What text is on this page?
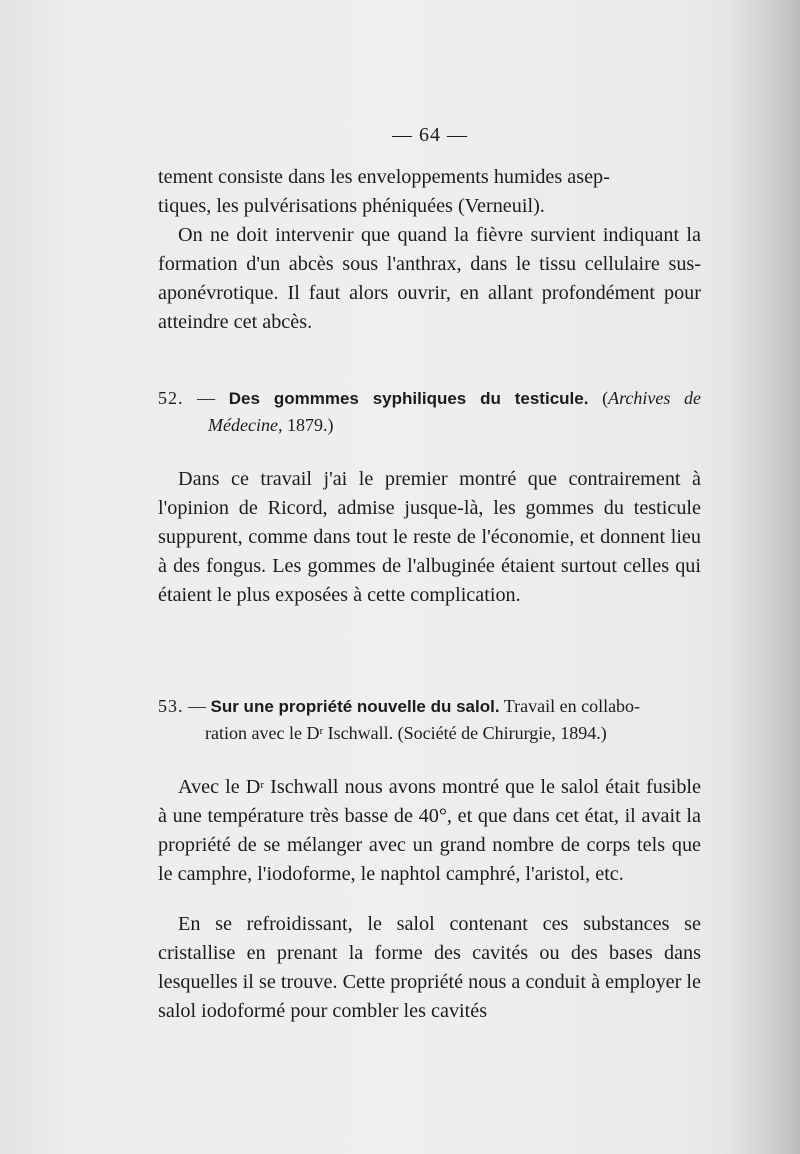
— 64 —
tement consiste dans les enveloppements humides asep-
tiques, les pulvérisations phéniquées (Verneuil).

On ne doit intervenir que quand la fièvre survient indiquant la formation d'un abcès sous l'anthrax, dans le tissu cellulaire sus-aponévrotique. Il faut alors ouvrir, en allant profondément pour atteindre cet abcès.

52. — Des gommmes syphiliques du testicule. (Archives de Médecine, 1879.)

Dans ce travail j'ai le premier montré que contrairement à l'opinion de Ricord, admise jusque-là, les gommes du testicule suppurent, comme dans tout le reste de l'économie, et donnent lieu à des fongus. Les gommes de l'albuginée étaient surtout celles qui étaient le plus exposées à cette complication.

53. — Sur une propriété nouvelle du salol. Travail en collabo-
ration avec le $D^r$ Ischwall. (Société de Chirurgie, 1894.)

Avec le $D^r$ Ischwall nous avons montré que le salol était fusible à une température très basse de 40°, et que dans cet état, il avait la propriété de se mélanger avec un grand nombre de corps tels que le camphre, l'iodoforme, le naphtol camphré, l'aristol, etc.

En se refroidissant, le salol contenant ces substances se cristallise en prenant la forme des cavités ou des bases dans lesquelles il se trouve. Cette propriété nous a conduit à employer le salol iodoformé pour combler les cavités
